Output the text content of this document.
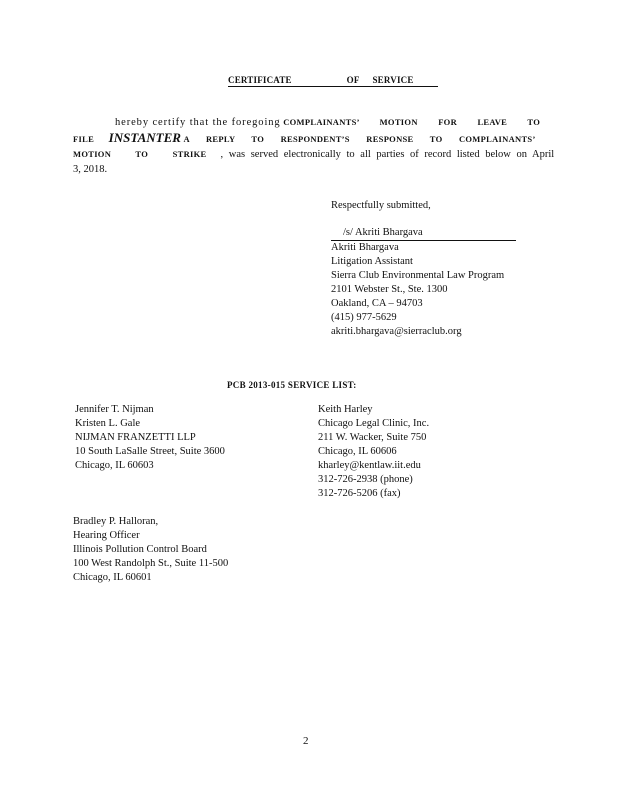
CERTIFICATE	OF SERVICE
hereby certify that the foregoing COMPLAINANTS’ MOTION FOR LEAVE TO
FILE INSTANTER A REPLY TO RESPONDENT’S RESPONSE TO COMPLAINANTS’
MOTION TO STRIKE , was served electronically to all parties of record listed below on April
3, 2018.
Respectfully submitted,
/s/ Akriti Bhargava
Akriti Bhargava
Litigation Assistant
Sierra Club Environmental Law Program
2101 Webster St., Ste. 1300
Oakland, CA – 94703
(415) 977-5629
akriti.bhargava@sierraclub.org
PCB 2013-015 SERVICE LIST:
Jennifer T. Nijman
Kristen L. Gale
NIJMAN FRANZETTI LLP
10 South LaSalle Street, Suite 3600
Chicago, IL 60603
Keith Harley
Chicago Legal Clinic, Inc.
211 W. Wacker, Suite 750
Chicago, IL 60606
kharley@kentlaw.iit.edu
312-726-2938 (phone)
312-726-5206 (fax)
Bradley P. Halloran,
Hearing Officer
Illinois Pollution Control Board
100 West Randolph St., Suite 11-500
Chicago, IL 60601
2
